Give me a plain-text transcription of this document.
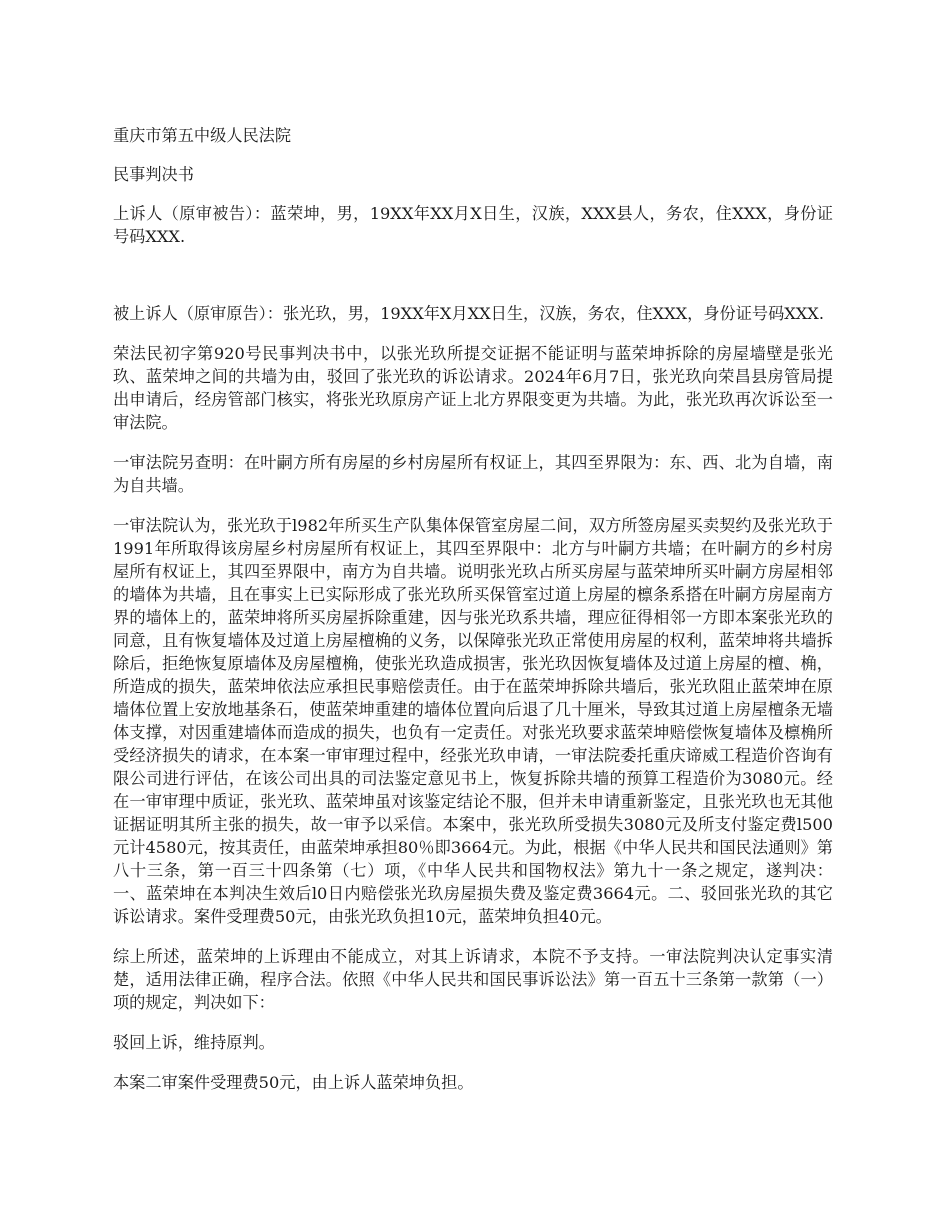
重庆市第五中级人民法院

民事判决书

上诉人（原审被告）：蓝荣坤，男，19XX年XX月X日生，汉族，XXX县人，务农，住XXX，身份证号码XXX.

被上诉人（原审原告）：张光玖，男，19XX年X月XX日生，汉族，务农，住XXX，身份证号码XXX.

荣法民初字第920号民事判决书中，以张光玖所提交证据不能证明与蓝荣坤拆除的房屋墙壁是张光玖、蓝荣坤之间的共墙为由，驳回了张光玖的诉讼请求。2024年6月7日，张光玖向荣昌县房管局提出申请后，经房管部门核实，将张光玖原房产证上北方界限变更为共墙。为此，张光玖再次诉讼至一审法院。

一审法院另查明：在叶嗣方所有房屋的乡村房屋所有权证上，其四至界限为：东、西、北为自墙，南为自共墙。

一审法院认为，张光玖于l982年所买生产队集体保管室房屋二间，双方所签房屋买卖契约及张光玖于1991年所取得该房屋乡村房屋所有权证上，其四至界限中：北方与叶嗣方共墙；在叶嗣方的乡村房屋所有权证上，其四至界限中，南方为自共墙。说明张光玖占所买房屋与蓝荣坤所买叶嗣方房屋相邻的墙体为共墙，且在事实上已实际形成了张光玖所买保管室过道上房屋的檩条系搭在叶嗣方房屋南方界的墙体上的，蓝荣坤将所买房屋拆除重建，因与张光玖系共墙，理应征得相邻一方即本案张光玖的同意，且有恢复墙体及过道上房屋檀桷的义务，以保障张光玖正常使用房屋的权利，蓝荣坤将共墙拆除后，拒绝恢复原墙体及房屋檀桷，使张光玖造成损害，张光玖因恢复墙体及过道上房屋的檀、桷，所造成的损失，蓝荣坤依法应承担民事赔偿责任。由于在蓝荣坤拆除共墙后，张光玖阻止蓝荣坤在原墙体位置上安放地基条石，使蓝荣坤重建的墙体位置向后退了几十厘米，导致其过道上房屋檀条无墙体支撑，对因重建墙体而造成的损失，也负有一定责任。对张光玖要求蓝荣坤赔偿恢复墙体及檩桷所受经济损失的请求，在本案一审审理过程中，经张光玖申请，一审法院委托重庆谛威工程造价咨询有限公司进行评估，在该公司出具的司法鉴定意见书上，恢复拆除共墙的预算工程造价为3080元。经在一审审理中质证，张光玖、蓝荣坤虽对该鉴定结论不服，但并未申请重新鉴定，且张光玖也无其他证据证明其所主张的损失，故一审予以采信。本案中，张光玖所受损失3080元及所支付鉴定费l500元计4580元，按其责任，由蓝荣坤承担80％即3664元。为此，根据《中华人民共和国民法通则》第八十三条，第一百三十四条第（七）项，《中华人民共和国物权法》第九十一条之规定，遂判决：一、蓝荣坤在本判决生效后l0日内赔偿张光玖房屋损失费及鉴定费3664元。二、驳回张光玖的其它诉讼请求。案件受理费50元，由张光玖负担10元，蓝荣坤负担40元。

综上所述，蓝荣坤的上诉理由不能成立，对其上诉请求，本院不予支持。一审法院判决认定事实清楚，适用法律正确，程序合法。依照《中华人民共和国民事诉讼法》第一百五十三条第一款第（一）项的规定，判决如下：

驳回上诉，维持原判。

本案二审案件受理费50元，由上诉人蓝荣坤负担。
